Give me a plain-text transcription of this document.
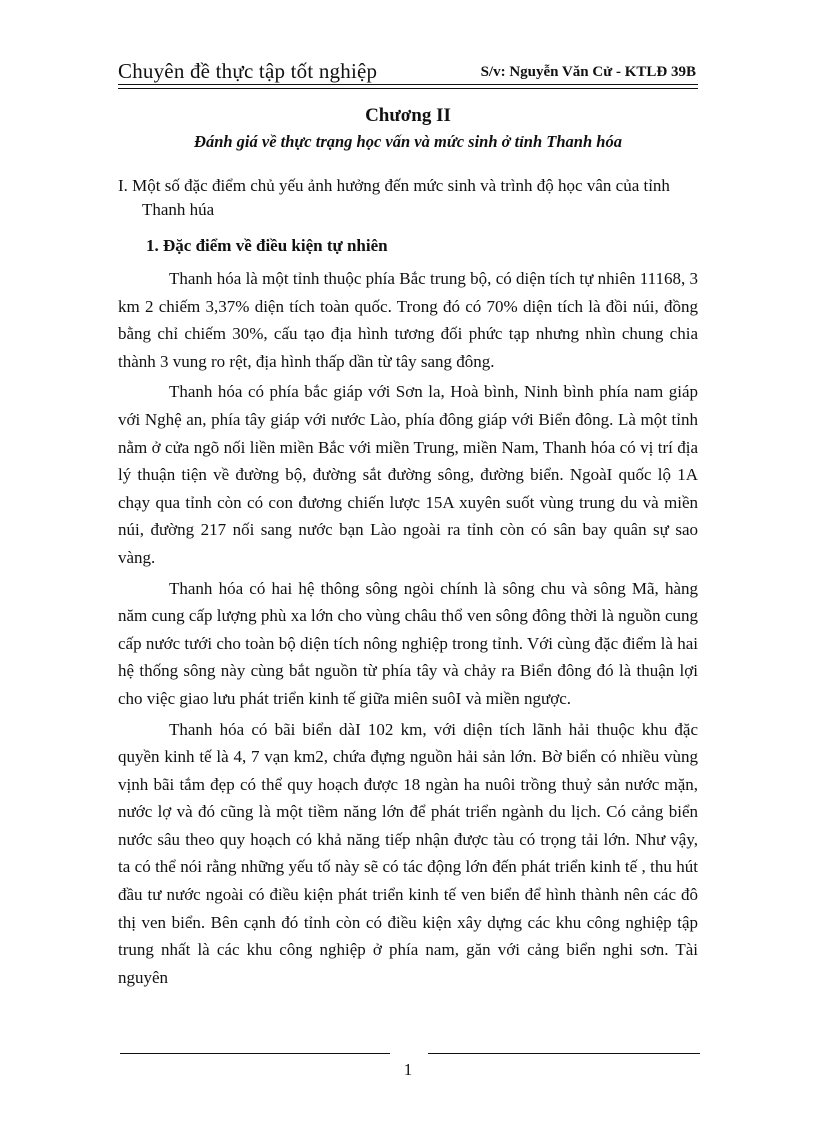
Chuyên đề thực tập tốt nghiệp	S/v: Nguyễn Văn Cử - KTLĐ 39B
Chương II
Đánh giá về thực trạng học vấn và mức sinh ở tỉnh Thanh hóa
I. Một số đặc điểm chủ yếu ảnh hưởng đến mức sinh và trình độ học vân của tỉnh Thanh húa
1. Đặc điểm về điều kiện tự nhiên

Thanh hóa là một tỉnh thuộc phía Bắc trung bộ, có diện tích tự nhiên 11168, 3 km 2 chiếm 3,37% diện tích toàn quốc. Trong đó có 70% diện tích là đồi núi, đồng bằng chỉ chiếm 30%, cấu tạo địa hình tương đối phức tạp nhưng nhìn chung chia thành 3 vung ro rệt, địa hình thấp dần từ tây sang đông.

Thanh hóa có phía bắc giáp với Sơn la, Hoà bình, Ninh bình phía nam giáp với Nghệ an, phía tây giáp với nước Lào, phía đông giáp với Biển đông. Là một tỉnh nằm ở cửa ngõ nối liền miền Bắc với miền Trung, miền Nam, Thanh hóa có vị trí địa lý thuận tiện về đường bộ, đường sắt đường sông, đường biển. NgoàI quốc lộ 1A chạy qua tỉnh còn có con đương chiến lược 15A xuyên suốt vùng trung du và miền núi, đường 217 nối sang nước bạn Lào ngoài ra tỉnh còn có sân bay quân sự sao vàng.

Thanh hóa có hai hệ thông sông ngòi chính là sông chu và sông Mã, hàng năm cung cấp lượng phù xa lớn cho vùng châu thổ ven sông đông thời là nguồn cung cấp nước tưới cho toàn bộ diện tích nông nghiệp trong tỉnh. Với cùng đặc điểm là hai hệ thống sông này cùng bắt nguồn từ phía tây và chảy ra Biển đông đó là thuận lợi cho việc giao lưu phát triển kinh tế giữa miên suôI và miền ngược.

Thanh hóa có bãi biển dàI 102 km, với diện tích lãnh hải thuộc khu đặc quyền kinh tế là 4, 7 vạn km2, chứa đựng nguồn hải sản lớn. Bờ biển có nhiều vùng vịnh bãi tắm đẹp có thể quy hoạch được 18 ngàn ha nuôi trồng thuỷ sản nước mặn, nước lợ và đó cũng là một tiềm năng lớn để phát triển ngành du lịch. Có cảng biển nước sâu theo quy hoạch có khả năng tiếp nhận được tàu có trọng tải lớn. Như vậy, ta có thể nói rằng những yếu tố này sẽ có tác động lớn đến phát triển kinh tế , thu hút đầu tư nước ngoài có điều kiện phát triển kinh tế ven biển để hình thành nên các đô thị ven biển. Bên cạnh đó tỉnh còn có điều kiện xây dựng các khu công nghiệp tập trung nhất là các khu công nghiệp ở phía nam, găn với cảng biển nghi sơn. Tài nguyên

1
